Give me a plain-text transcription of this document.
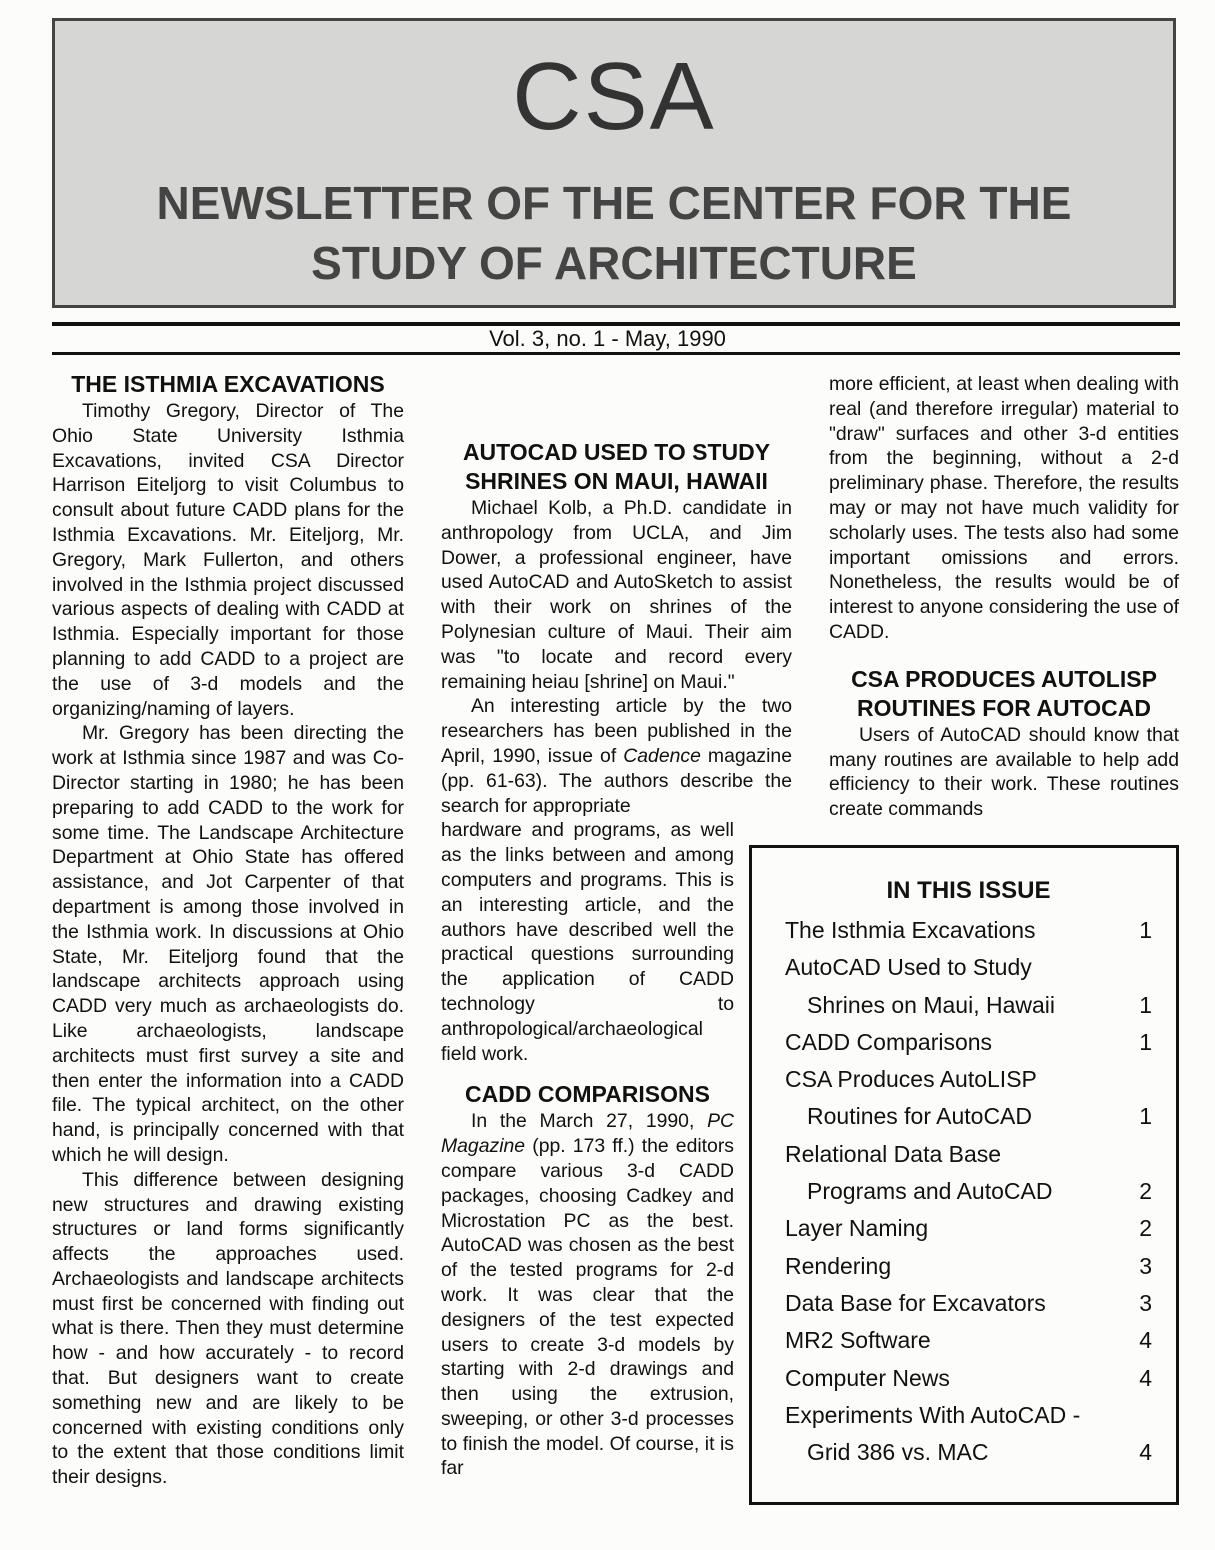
CSA
NEWSLETTER OF THE CENTER FOR THE
STUDY OF ARCHITECTURE
Vol. 3, no. 1 - May, 1990
THE ISTHMIA EXCAVATIONS

Timothy Gregory, Director of The Ohio State University Isthmia Excavations, invited CSA Director Harrison Eiteljorg to visit Columbus to consult about future CADD plans for the Isthmia Excavations. Mr. Eiteljorg, Mr. Gregory, Mark Fullerton, and others involved in the Isthmia project discussed various aspects of dealing with CADD at Isthmia. Especially important for those planning to add CADD to a project are the use of 3-d models and the organizing/naming of layers.

Mr. Gregory has been directing the work at Isthmia since 1987 and was Co-Director starting in 1980; he has been preparing to add CADD to the work for some time. The Landscape Architecture Department at Ohio State has offered assistance, and Jot Carpenter of that department is among those involved in the Isthmia work. In discussions at Ohio State, Mr. Eiteljorg found that the landscape architects approach using CADD very much as archaeologists do. Like archaeologists, landscape architects must first survey a site and then enter the information into a CADD file. The typical architect, on the other hand, is principally concerned with that which he will design.

This difference between designing new structures and drawing existing structures or land forms significantly affects the approaches used. Archaeologists and landscape architects must first be concerned with finding out what is there. Then they must determine how - and how accurately - to record that. But designers want to create something new and are likely to be concerned with existing conditions only to the extent that those conditions limit their designs.

AUTOCAD USED TO STUDY
SHRINES ON MAUI, HAWAII

Michael Kolb, a Ph.D. candidate in anthropology from UCLA, and Jim Dower, a professional engineer, have used AutoCAD and AutoSketch to assist with their work on shrines of the Polynesian culture of Maui. Their aim was "to locate and record every remaining heiau [shrine] on Maui."

An interesting article by the two researchers has been published in the April, 1990, issue of Cadence magazine (pp. 61-63). The authors describe the search for appropriate

hardware and programs, as well as the links between and among computers and programs. This is an interesting article, and the authors have described well the practical questions surrounding the application of CADD technology to anthropological/archaeological field work.

CADD COMPARISONS

In the March 27, 1990, PC Magazine (pp. 173 ff.) the editors compare various 3-d CADD packages, choosing Cadkey and Microstation PC as the best. AutoCAD was chosen as the best of the tested programs for 2-d work. It was clear that the designers of the test expected users to create 3-d models by starting with 2-d drawings and then using the extrusion, sweeping, or other 3-d processes to finish the model. Of course, it is far

more efficient, at least when dealing with real (and therefore irregular) material to "draw" surfaces and other 3-d entities from the beginning, without a 2-d preliminary phase. Therefore, the results may or may not have much validity for scholarly uses. The tests also had some important omissions and errors. Nonetheless, the results would be of interest to anyone considering the use of CADD.

CSA PRODUCES AUTOLISP
ROUTINES FOR AUTOCAD

Users of AutoCAD should know that many routines are available to help add efficiency to their work. These routines create commands

IN THIS ISSUE
The Isthmia Excavations	1
AutoCAD Used to Study
Shrines on Maui, Hawaii	1
CADD Comparisons	1
CSA Produces AutoLISP
Routines for AutoCAD	1
Relational Data Base
Programs and AutoCAD	2
Layer Naming	2
Rendering	3
Data Base for Excavators	3
MR2 Software	4
Computer News	4
Experiments With AutoCAD -
Grid 386 vs. MAC	4
